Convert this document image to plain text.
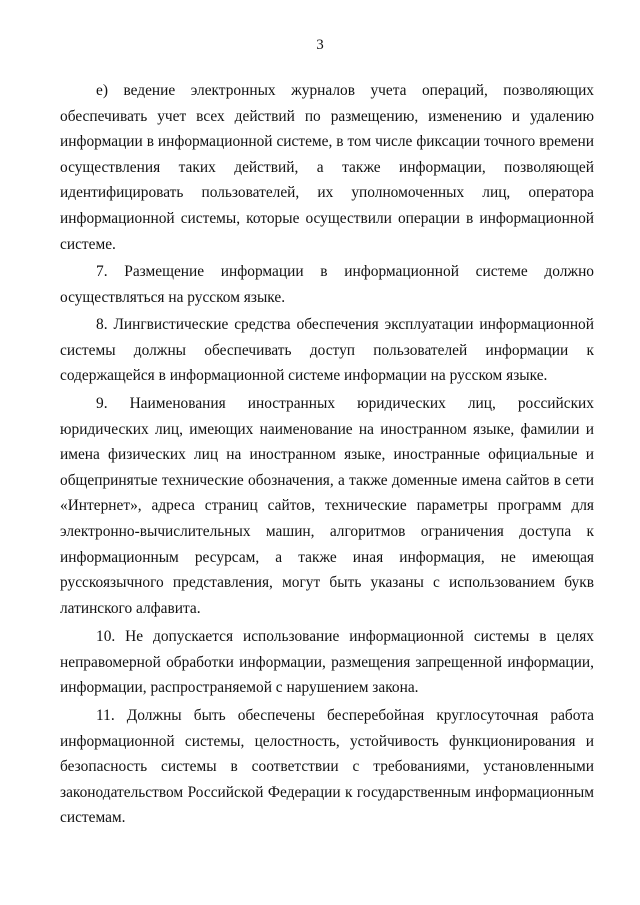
3

е) ведение электронных журналов учета операций, позволяющих обеспечивать учет всех действий по размещению, изменению и удалению информации в информационной системе, в том числе фиксации точного времени осуществления таких действий, а также информации, позволяющей идентифицировать пользователей, их уполномоченных лиц, оператора информационной системы, которые осуществили операции в информационной системе.

7. Размещение информации в информационной системе должно осуществляться на русском языке.

8. Лингвистические средства обеспечения эксплуатации информационной системы должны обеспечивать доступ пользователей информации к содержащейся в информационной системе информации на русском языке.

9. Наименования иностранных юридических лиц, российских юридических лиц, имеющих наименование на иностранном языке, фамилии и имена физических лиц на иностранном языке, иностранные официальные и общепринятые технические обозначения, а также доменные имена сайтов в сети «Интернет», адреса страниц сайтов, технические параметры программ для электронно-вычислительных машин, алгоритмов ограничения доступа к информационным ресурсам, а также иная информация, не имеющая русскоязычного представления, могут быть указаны с использованием букв латинского алфавита.

10. Не допускается использование информационной системы в целях неправомерной обработки информации, размещения запрещенной информации, информации, распространяемой с нарушением закона.

11. Должны быть обеспечены бесперебойная круглосуточная работа информационной системы, целостность, устойчивость функционирования и безопасность системы в соответствии с требованиями, установленными законодательством Российской Федерации к государственным информационным системам.
